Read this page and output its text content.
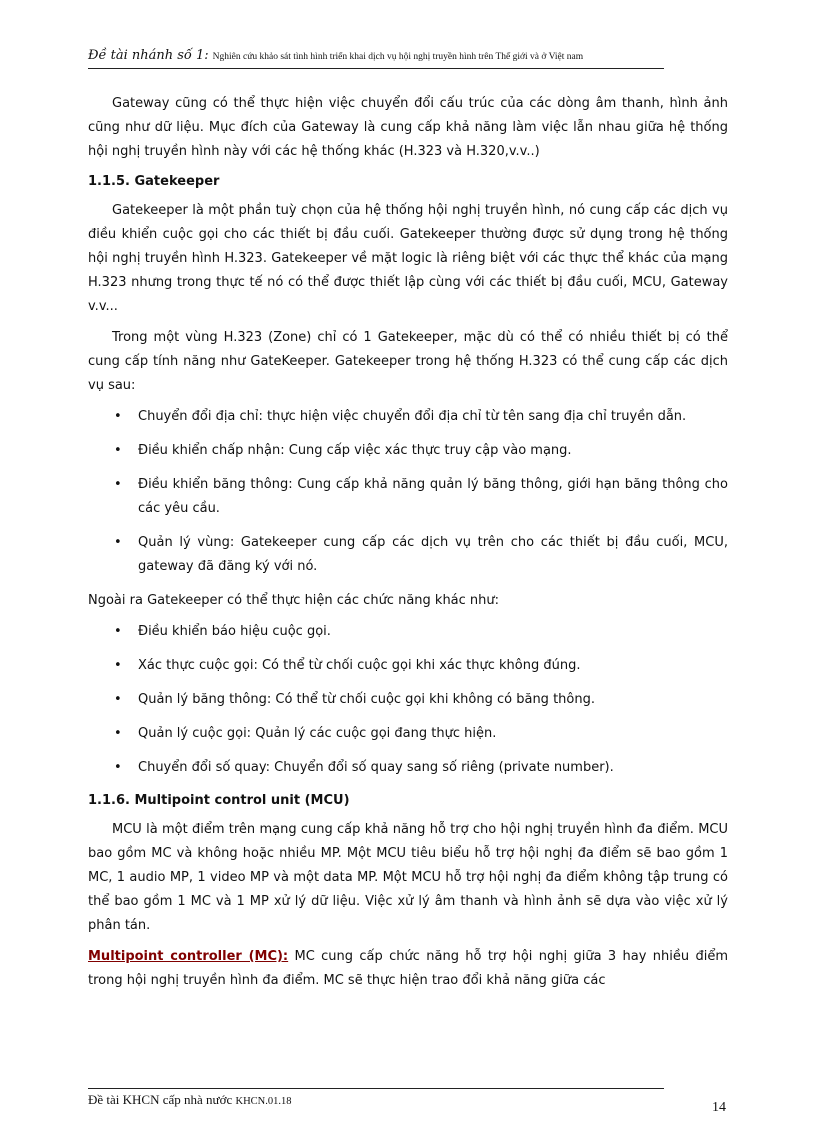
Đề tài nhánh số 1: Nghiên cứu khảo sát tình hình triển khai dịch vụ hội nghị truyền hình trên Thế giới và ở Việt nam

Gateway cũng có thể thực hiện việc chuyển đổi cấu trúc của các dòng âm thanh, hình ảnh cũng như dữ liệu. Mục đích của Gateway là cung cấp khả năng làm việc lẫn nhau giữa hệ thống hội nghị truyền hình này với các hệ thống khác (H.323 và H.320,v.v..)

1.1.5. Gatekeeper

Gatekeeper là một phần tuỳ chọn của hệ thống hội nghị truyền hình, nó cung cấp các dịch vụ điều khiển cuộc gọi cho các thiết bị đầu cuối. Gatekeeper thường được sử dụng trong hệ thống hội nghị truyền hình H.323. Gatekeeper về mặt logic là riêng biệt với các thực thể khác của mạng H.323 nhưng trong thực tế nó có thể được thiết lập cùng với các thiết bị đầu cuối, MCU, Gateway v.v...

Trong một vùng H.323 (Zone) chỉ có 1 Gatekeeper, mặc dù có thể có nhiều thiết bị có thể cung cấp tính năng như GateKeeper. Gatekeeper trong hệ thống H.323 có thể cung cấp các dịch vụ sau:

• Chuyển đổi địa chỉ: thực hiện việc chuyển đổi địa chỉ từ tên sang địa chỉ truyền dẫn.
• Điều khiển chấp nhận: Cung cấp việc xác thực truy cập vào mạng.
• Điều khiển băng thông: Cung cấp khả năng quản lý băng thông, giới hạn băng thông cho các yêu cầu.
• Quản lý vùng: Gatekeeper cung cấp các dịch vụ trên cho các thiết bị đầu cuối, MCU, gateway đã đăng ký với nó.

Ngoài ra Gatekeeper có thể thực hiện các chức năng khác như:

• Điều khiển báo hiệu cuộc gọi.
• Xác thực cuộc gọi: Có thể từ chối cuộc gọi khi xác thực không đúng.
• Quản lý băng thông: Có thể từ chối cuộc gọi khi không có băng thông.
• Quản lý cuộc gọi: Quản lý các cuộc gọi đang thực hiện.
• Chuyển đổi số quay: Chuyển đổi số quay sang số riêng (private number).
1.1.6. Multipoint control unit (MCU)

MCU là một điểm trên mạng cung cấp khả năng hỗ trợ cho hội nghị truyền hình đa điểm. MCU bao gồm MC và không hoặc nhiều MP. Một MCU tiêu biểu hỗ trợ hội nghị đa điểm sẽ bao gồm 1 MC, 1 audio MP, 1 video MP và một data MP. Một MCU hỗ trợ hội nghị đa điểm không tập trung có thể bao gồm 1 MC và 1 MP xử lý dữ liệu. Việc xử lý âm thanh và hình ảnh sẽ dựa vào việc xử lý phân tán.

Multipoint controller (MC): MC cung cấp chức năng hỗ trợ hội nghị giữa 3 hay nhiều điểm trong hội nghị truyền hình đa điểm. MC sẽ thực hiện trao đổi khả năng giữa các

Đề tài KHCN cấp nhà nước KHCN.01.18	14
